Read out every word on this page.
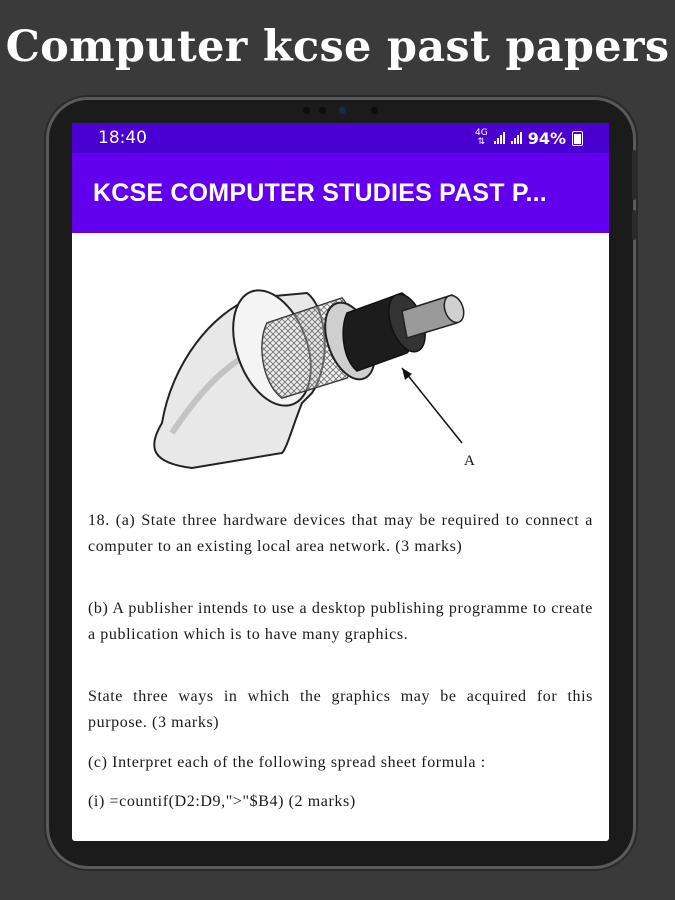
Computer kcse past papers
18:40	4G
⇅	94%
KCSE COMPUTER STUDIES PAST P...
A
18. (a) State three hardware devices that may be required to connect a computer to an existing local area network. (3 marks)
(b) A publisher intends to use a desktop publishing programme to create a publication which is to have many graphics.
State three ways in which the graphics may be acquired for this purpose. (3 marks)
(c) Interpret each of the following spread sheet formula :
(i) =countif(D2:D9,">"$B4) (2 marks)
